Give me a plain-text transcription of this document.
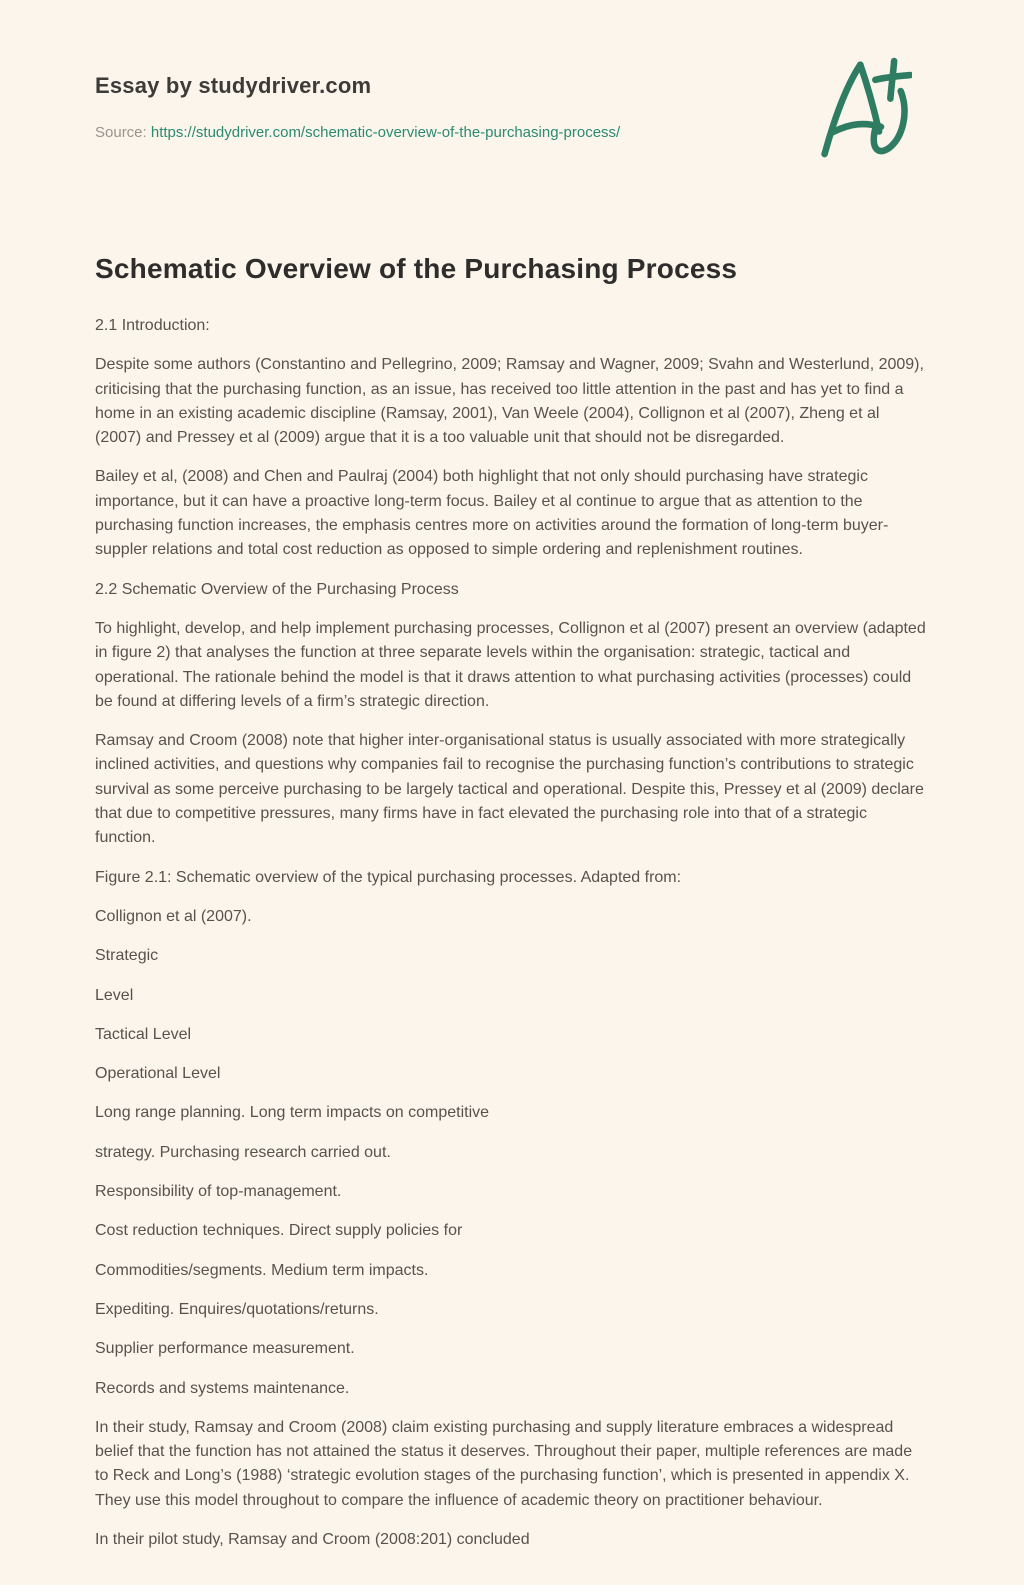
Essay by studydriver.com
Source: https://studydriver.com/schematic-overview-of-the-purchasing-process/
Schematic Overview of the Purchasing Process

2.1 Introduction:

Despite some authors (Constantino and Pellegrino, 2009; Ramsay and Wagner, 2009; Svahn and Westerlund, 2009), criticising that the purchasing function, as an issue, has received too little attention in the past and has yet to find a home in an existing academic discipline (Ramsay, 2001), Van Weele (2004), Collignon et al (2007), Zheng et al (2007) and Pressey et al (2009) argue that it is a too valuable unit that should not be disregarded.

Bailey et al, (2008) and Chen and Paulraj (2004) both highlight that not only should purchasing have strategic importance, but it can have a proactive long-term focus. Bailey et al continue to argue that as attention to the purchasing function increases, the emphasis centres more on activities around the formation of long-term buyer-suppler relations and total cost reduction as opposed to simple ordering and replenishment routines.

2.2 Schematic Overview of the Purchasing Process

To highlight, develop, and help implement purchasing processes, Collignon et al (2007) present an overview (adapted in figure 2) that analyses the function at three separate levels within the organisation: strategic, tactical and operational. The rationale behind the model is that it draws attention to what purchasing activities (processes) could be found at differing levels of a firm’s strategic direction.

Ramsay and Croom (2008) note that higher inter-organisational status is usually associated with more strategically inclined activities, and questions why companies fail to recognise the purchasing function’s contributions to strategic survival as some perceive purchasing to be largely tactical and operational. Despite this, Pressey et al (2009) declare that due to competitive pressures, many firms have in fact elevated the purchasing role into that of a strategic function.

Figure 2.1: Schematic overview of the typical purchasing processes. Adapted from:

Collignon et al (2007).

Strategic

Level

Tactical Level

Operational Level

Long range planning. Long term impacts on competitive

strategy. Purchasing research carried out.

Responsibility of top-management.

Cost reduction techniques. Direct supply policies for

Commodities/segments. Medium term impacts.

Expediting. Enquires/quotations/returns.

Supplier performance measurement.

Records and systems maintenance.

In their study, Ramsay and Croom (2008) claim existing purchasing and supply literature embraces a widespread belief that the function has not attained the status it deserves. Throughout their paper, multiple references are made to Reck and Long’s (1988) ‘strategic evolution stages of the purchasing function’, which is presented in appendix X. They use this model throughout to compare the influence of academic theory on practitioner behaviour.

In their pilot study, Ramsay and Croom (2008:201) concluded
